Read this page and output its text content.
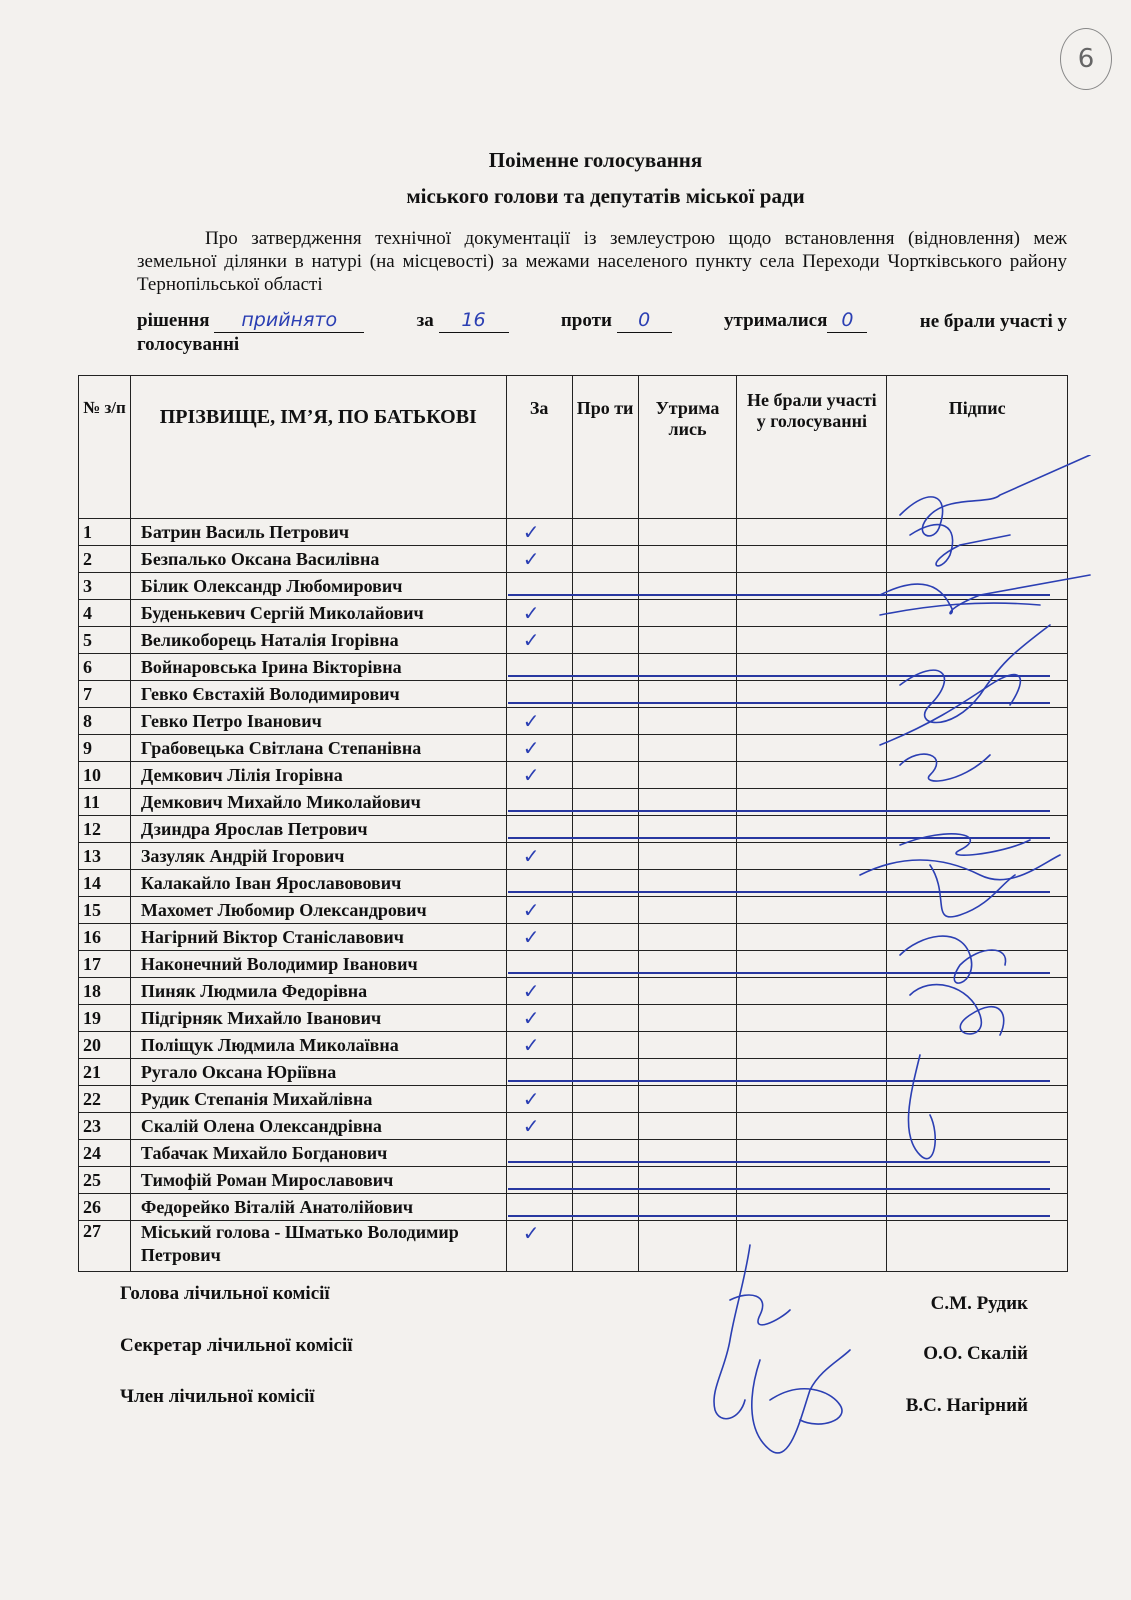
6
Поіменне голосування
міського голови та депутатів міської ради
Про затвердження технічної документації із землеустрою щодо встановлення (відновлення) меж земельної ділянки в натурі (на місцевості) за межами населеного пункту села Переходи Чортківського району Тернопільської області
рішення прийнято	за 16	проти 0	утрималися 0	не брали участі у
голосуванні
№ з/п	ПРІЗВИЩЕ, ІМ’Я, ПО БАТЬКОВІ	За	Про ти	Утрима лись	Не брали участі у голосуванні	Підпис
1	Батрин Василь Петрович	✓				

2	Безпалько Оксана Василівна	✓				

3	Білик Олександр Любомирович	

4	Буденькевич Сергій Миколайович	✓				

5	Великоборець Наталія Ігорівна	✓				

6	Войнаровська Ірина Вікторівна	

7	Гевко Євстахій Володимирович	

8	Гевко Петро Іванович	✓				

9	Грабовецька Світлана Степанівна	✓				

10	Демкович Лілія Ігорівна	✓				

11	Демкович Михайло Миколайович	

12	Дзиндра Ярослав Петрович	

13	Зазуляк Андрій Ігорович	✓				

14	Калакайло Іван Ярославовович	

15	Махомет Любомир Олександрович	✓				

16	Нагірний Віктор Станіславович	✓				

17	Наконечний Володимир Іванович	

18	Пиняк Людмила Федорівна	✓				

19	Підгірняк Михайло Іванович	✓				

20	Поліщук Людмила Миколаївна	✓				

21	Ругало Оксана Юріївна	

22	Рудик Степанія Михайлівна	✓				

23	Скалій Олена Олександрівна	✓				

24	Табачак Михайло Богданович	

25	Тимофій Роман Мирославович	

26	Федорейко Віталій Анатолійович	

27	Міський голова - Шматько Володимир Петрович	✓				

Голова лічильної комісії	С.М. Рудик
Секретар лічильної комісії	О.О. Скалій
Член лічильної комісії	В.С. Нагірний
